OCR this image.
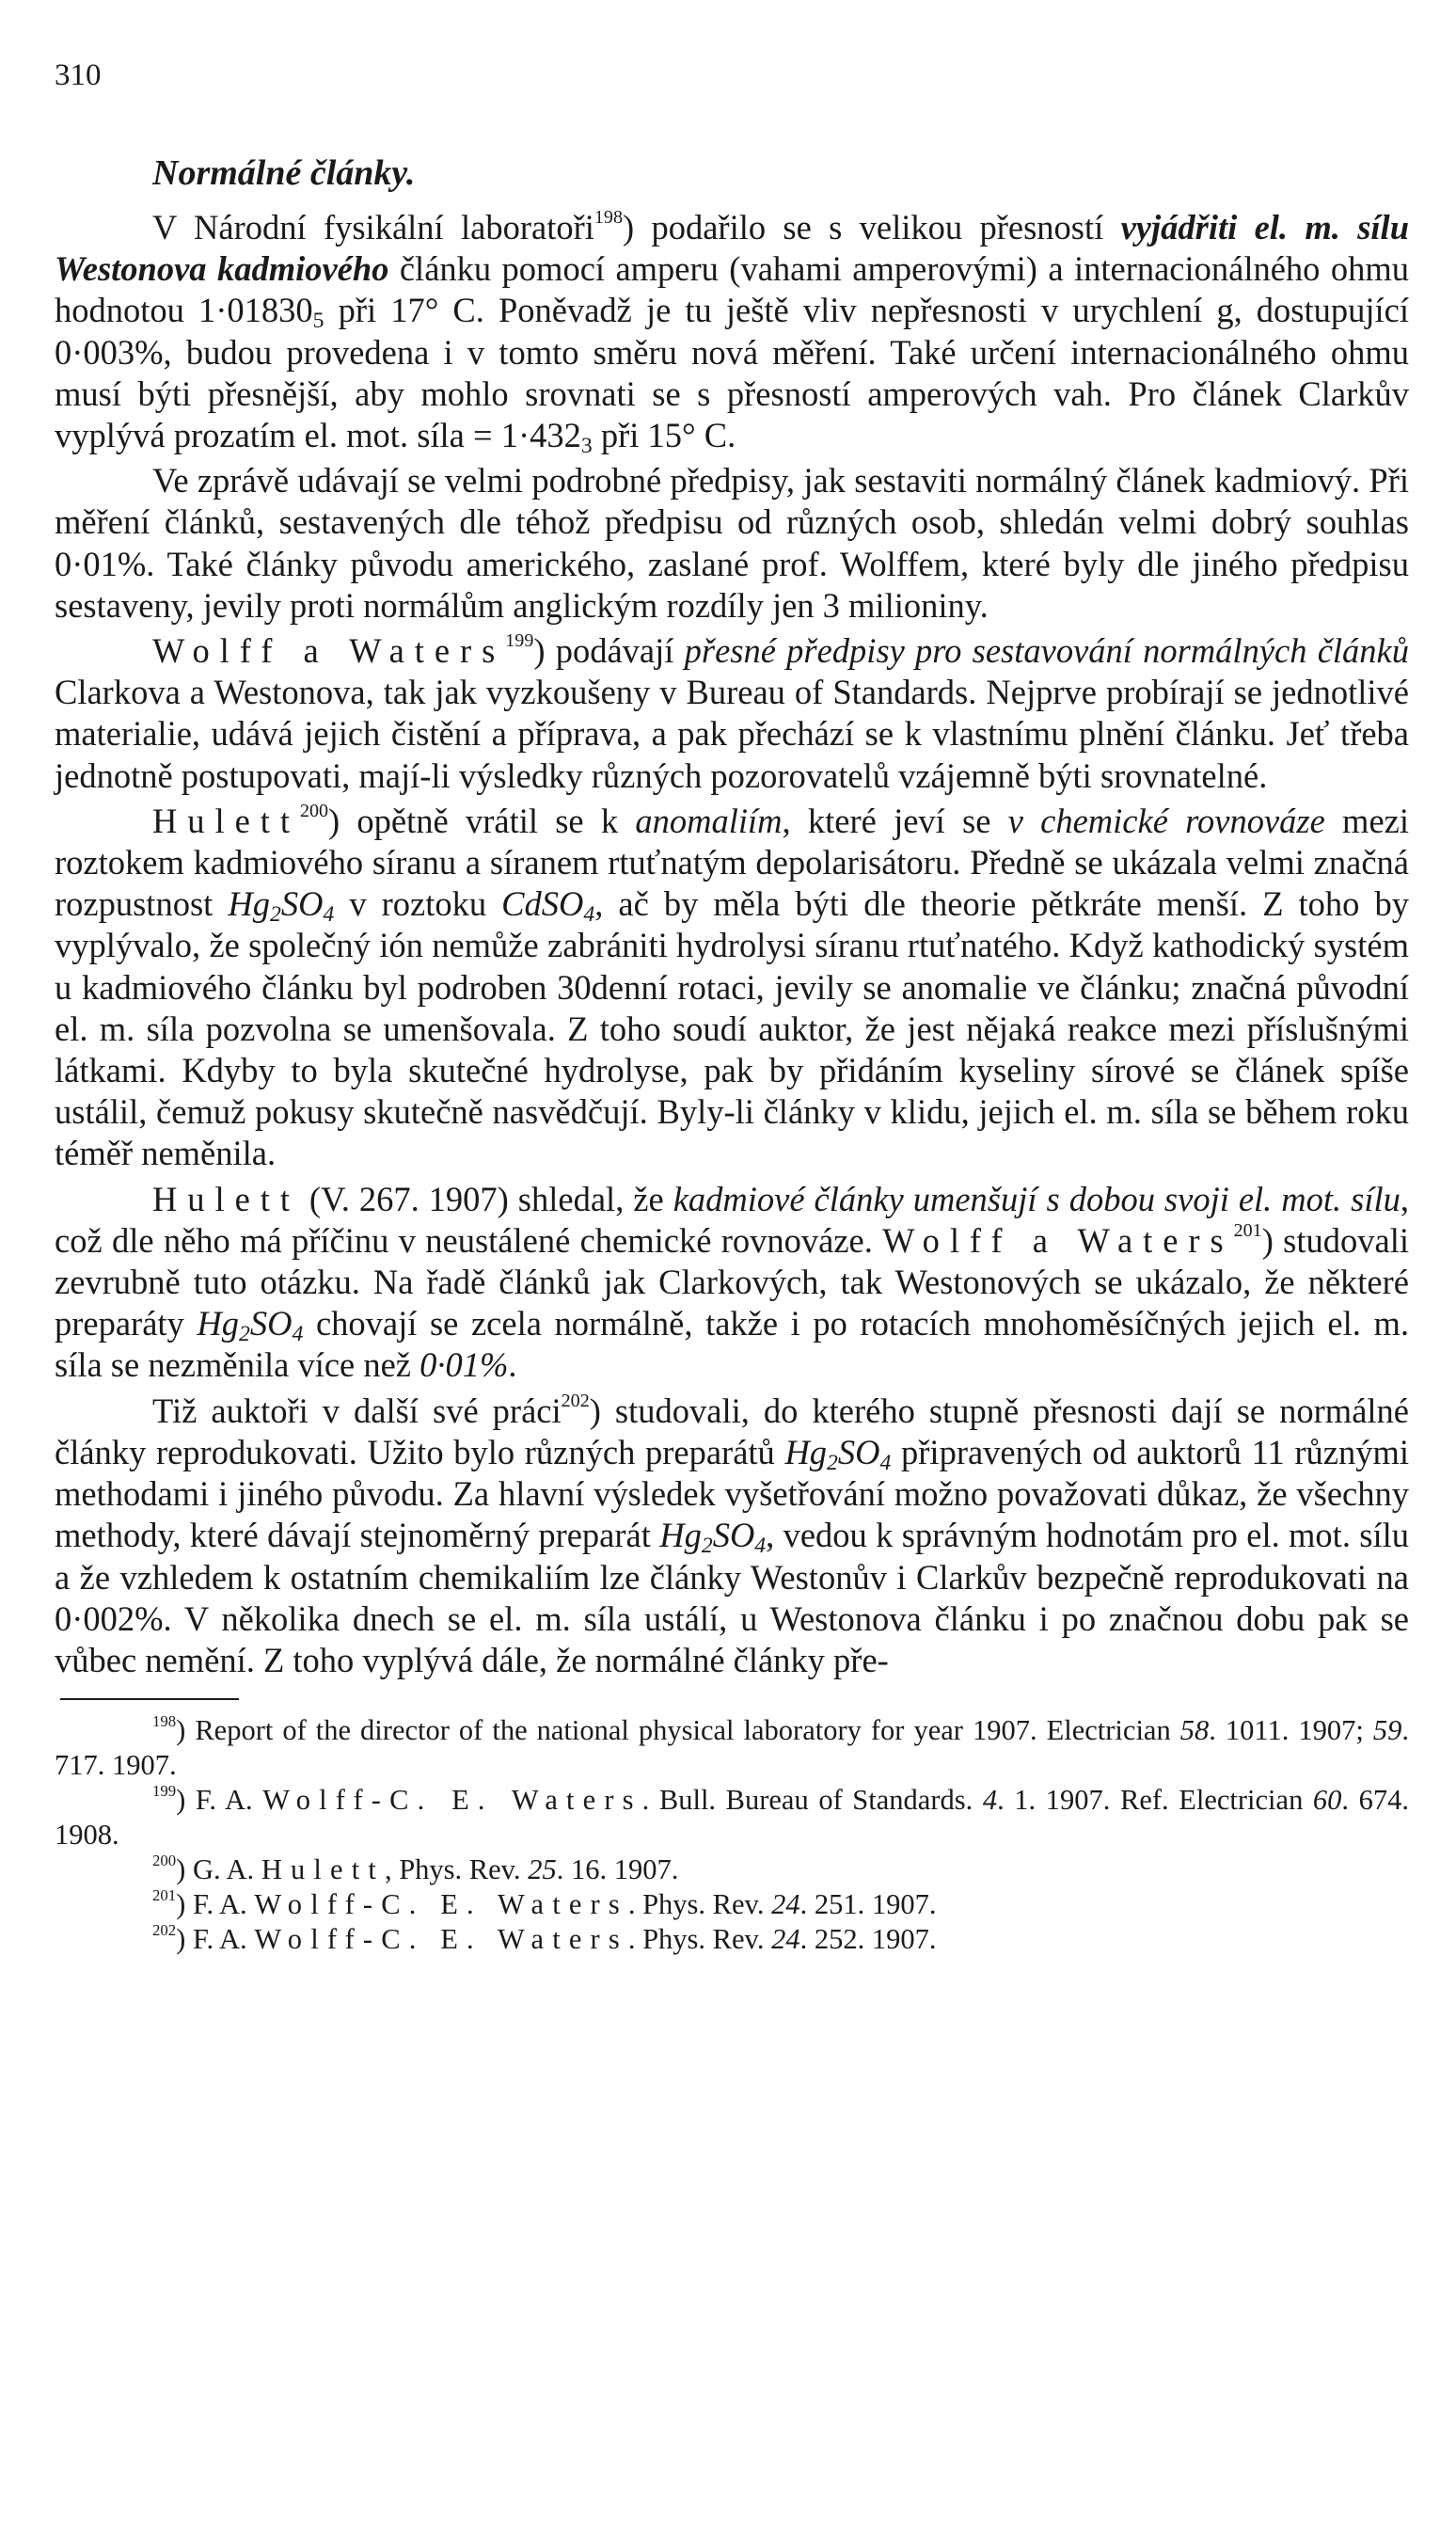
310
Normálné články.

V Národní fysikální laboratoři$^{198}$) podařilo se s velikou přesností vyjádřiti el. m. sílu Westonova kadmiového článku pomocí amperu (vahami amperovými) a internacionálného ohmu hodnotou $1\cdot 01830_5$ při 17° C. Poněvadž je tu ještě vliv nepřesnosti v urychlení g, dostupující 0·003%, budou provedena i v tomto směru nová měření. Také určení internacionálného ohmu musí býti přesnější, aby mohlo srovnati se s přesností amperových vah. Pro článek Clarkův vyplývá prozatím el. mot. síla = $1\cdot 432_3$ při 15° C.

Ve zprávě udávají se velmi podrobné předpisy, jak sestaviti normálný článek kadmiový. Při měření článků, sestavených dle téhož předpisu od různých osob, shledán velmi dobrý souhlas 0·01%. Také články původu amerického, zaslané prof. Wolffem, které byly dle jiného předpisu sestaveny, jevily proti normálům anglickým rozdíly jen 3 milioniny.

Wolff a Waters$^{199}$) podávají přesné předpisy pro sestavování normálných článků Clarkova a Westonova, tak jak vyzkoušeny v Bureau of Standards. Nejprve probírají se jednotlivé materialie, udává jejich čistění a příprava, a pak přechází se k vlastnímu plnění článku. Jeť třeba jednotně postupovati, mají-li výsledky různých pozorovatelů vzájemně býti srovnatelné.

Hulett$^{200}$) opětně vrátil se k anomaliím, které jeví se v chemické rovnováze mezi roztokem kadmiového síranu a síranem rtuťnatým depolarisátoru. Předně se ukázala velmi značná rozpustnost $Hg_2SO_4$ v roztoku CdSO$_4$, ač by měla býti dle theorie pětkráte menší. Z toho by vyplývalo, že společný ión nemůže zabrániti hydrolysi síranu rtuťnatého. Když kathodický systém u kadmiového článku byl podroben 30denní rotaci, jevily se anomalie ve článku; značná původní el. m. síla pozvolna se umenšovala. Z toho soudí auktor, že jest nějaká reakce mezi příslušnými látkami. Kdyby to byla skutečné hydrolyse, pak by přidáním kyseliny sírové se článek spíše ustálil, čemuž pokusy skutečně nasvědčují. Byly-li články v klidu, jejich el. m. síla se během roku téměř neměnila.

Hulett (V. 267. 1907) shledal, že kadmiové články umenšují s dobou svoji el. mot. sílu, což dle něho má příčinu v neustálené chemické rovnováze. Wolff a Waters$^{201}$) studovali zevrubně tuto otázku. Na řadě článků jak Clarkových, tak Westonových se ukázalo, že některé preparáty $Hg_2SO_4$ chovají se zcela normálně, takže i po rotacích mnohoměsíčných jejich el. m. síla se nezměnila více než 0·01%.

Tiž auktoři v další své práci$^{202}$) studovali, do kterého stupně přesnosti dají se normálné články reprodukovati. Užito bylo různých preparátů $Hg_2SO_4$ připravených od auktorů 11 různými methodami i jiného původu. Za hlavní výsledek vyšetřování možno považovati důkaz, že všechny methody, které dávají stejnoměrný preparát $Hg_2SO_4$, vedou k správným hodnotám pro el. mot. sílu a že vzhledem k ostatním chemikaliím lze články Westonův i Clarkův bezpečně reprodukovati na 0·002%. V několika dnech se el. m. síla ustálí, u Westonova článku i po značnou dobu pak se vůbec nemění. Z toho vyplývá dále, že normálné články pře-

$^{198}$) Report of the director of the national physical laboratory for year 1907. Electrician 58. 1011. 1907; 59. 717. 1907.

$^{199}$) F. A. Wolff-C. E. Waters. Bull. Bureau of Standards. 4. 1. 1907. Ref. Electrician 60. 674. 1908.

$^{200}$) G. A. Hulett, Phys. Rev. 25. 16. 1907.

$^{201}$) F. A. Wolff-C. E. Waters. Phys. Rev. 24. 251. 1907.

$^{202}$) F. A. Wolff-C. E. Waters. Phys. Rev. 24. 252. 1907.
